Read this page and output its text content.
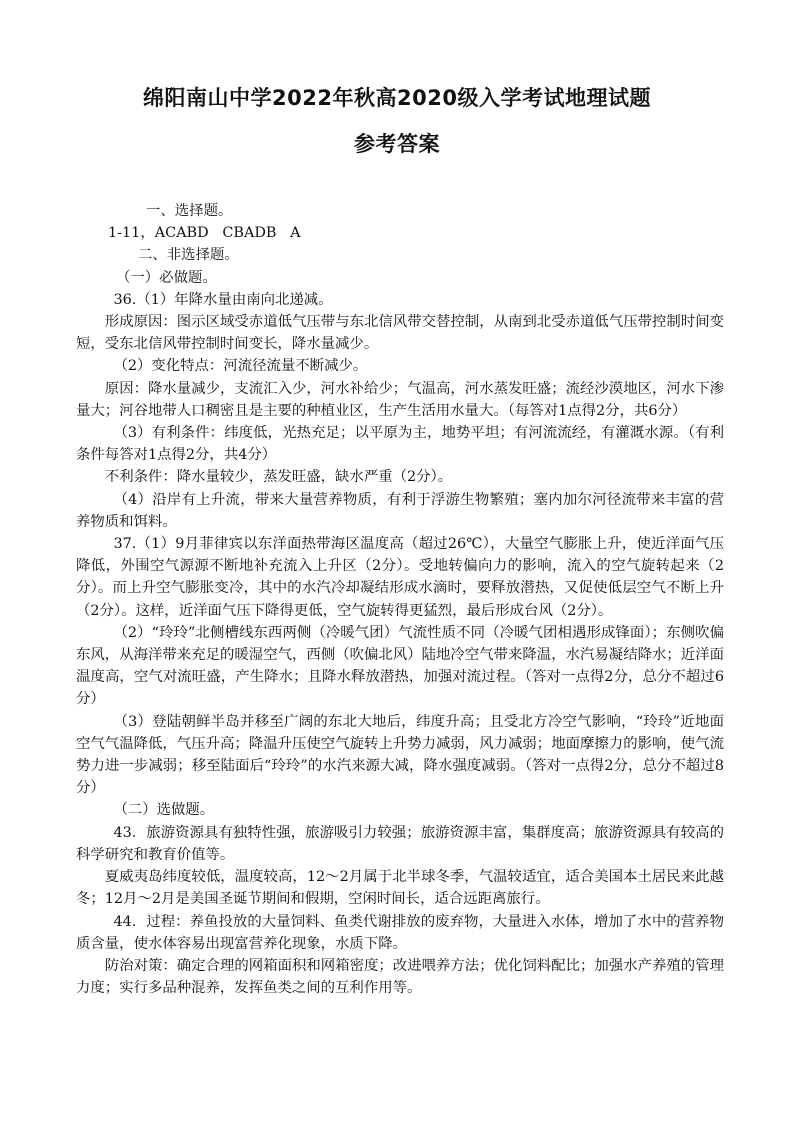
绵阳南山中学2022年秋高2020级入学考试地理试题
参考答案

一、选择题。

1-11，ACABD   CBADB   A

二、非选择题。

（一）必做题。

36.（1）年降水量由南向北递减。

形成原因：图示区域受赤道低气压带与东北信风带交替控制，从南到北受赤道低气压带控制时间变短，受东北信风带控制时间变长，降水量减少。

（2）变化特点：河流径流量不断减少。

原因：降水量减少，支流汇入少，河水补给少；气温高，河水蒸发旺盛；流经沙漠地区，河水下渗量大；河谷地带人口稠密且是主要的种植业区，生产生活用水量大。（每答对1点得2分，共6分）

（3）有利条件：纬度低，光热充足；以平原为主，地势平坦；有河流流经，有灌溉水源。（有利条件每答对1点得2分，共4分）

不利条件：降水量较少，蒸发旺盛，缺水严重（2分）。

（4）沿岸有上升流，带来大量营养物质，有利于浮游生物繁殖；塞内加尔河径流带来丰富的营养物质和饵料。

37.（1）9月菲律宾以东洋面热带海区温度高（超过26℃），大量空气膨胀上升，使近洋面气压降低，外围空气源源不断地补充流入上升区（2分）。受地转偏向力的影响，流入的空气旋转起来（2分）。而上升空气膨胀变冷，其中的水汽冷却凝结形成水滴时，要释放潜热，又促使低层空气不断上升（2分）。这样，近洋面气压下降得更低，空气旋转得更猛烈，最后形成台风（2分）。

（2）“玲玲”北侧槽线东西两侧（冷暖气团）气流性质不同（冷暖气团相遇形成锋面）；东侧吹偏东风，从海洋带来充足的暖湿空气，西侧（吹偏北风）陆地冷空气带来降温，水汽易凝结降水；近洋面温度高，空气对流旺盛，产生降水；且降水释放潜热，加强对流过程。（答对一点得2分，总分不超过6分）

（3）登陆朝鲜半岛并移至广阔的东北大地后，纬度升高；且受北方冷空气影响，“玲玲”近地面空气气温降低，气压升高；降温升压使空气旋转上升势力减弱，风力减弱；地面摩擦力的影响，使气流势力进一步减弱；移至陆面后“玲玲”的水汽来源大减，降水强度减弱。（答对一点得2分，总分不超过8分）

（二）选做题。

43．旅游资源具有独特性强，旅游吸引力较强；旅游资源丰富，集群度高；旅游资源具有较高的科学研究和教育价值等。

夏威夷岛纬度较低，温度较高，12～2月属于北半球冬季，气温较适宜，适合美国本土居民来此越冬；12月～2月是美国圣诞节期间和假期，空闲时间长，适合远距离旅行。

44．过程：养鱼投放的大量饲料、鱼类代谢排放的废弃物，大量进入水体，增加了水中的营养物质含量，使水体容易出现富营养化现象，水质下降。

防治对策：确定合理的网箱面积和网箱密度；改进喂养方法；优化饲料配比；加强水产养殖的管理力度；实行多品种混养，发挥鱼类之间的互利作用等。
